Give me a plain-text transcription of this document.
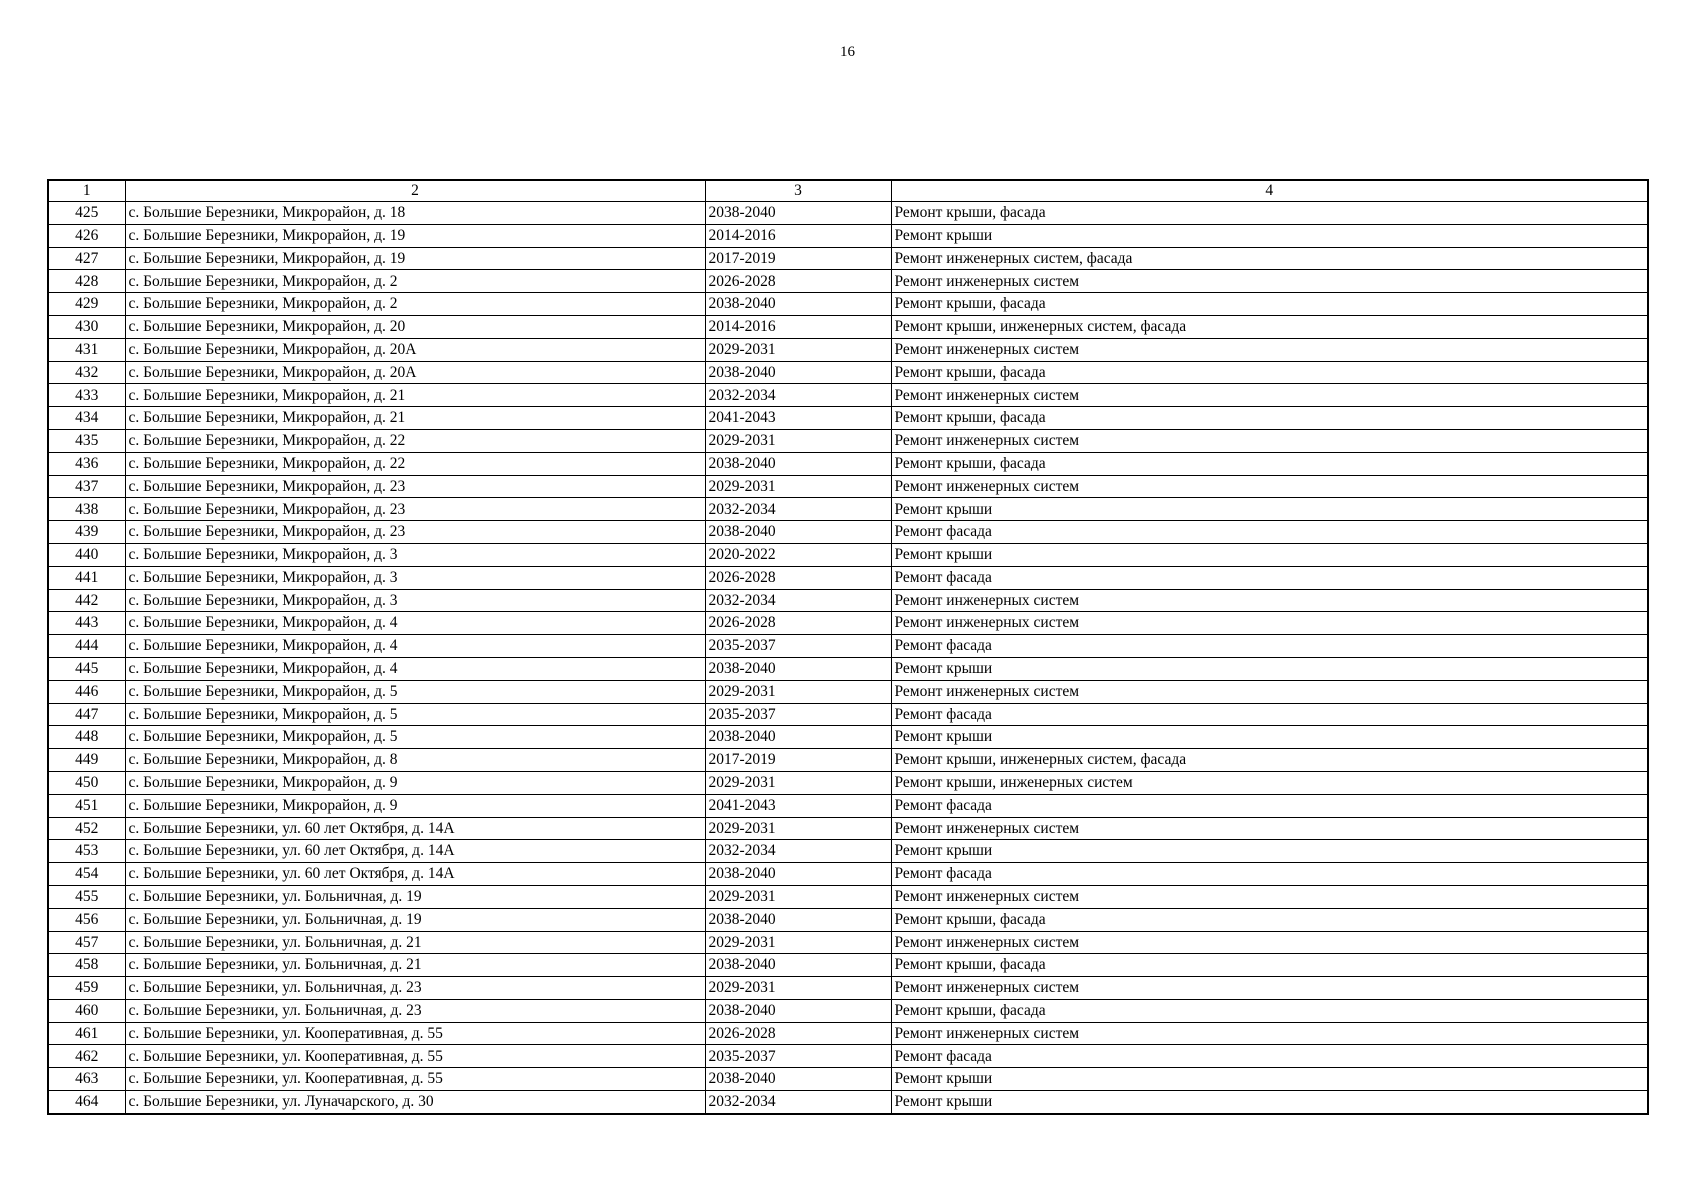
16
1	2	3	4
425	с. Большие Березники, Микрорайон, д. 18	2038-2040	Ремонт крыши, фасада
426	с. Большие Березники, Микрорайон, д. 19	2014-2016	Ремонт крыши
427	с. Большие Березники, Микрорайон, д. 19	2017-2019	Ремонт инженерных систем, фасада
428	с. Большие Березники, Микрорайон, д. 2	2026-2028	Ремонт инженерных систем
429	с. Большие Березники, Микрорайон, д. 2	2038-2040	Ремонт крыши, фасада
430	с. Большие Березники, Микрорайон, д. 20	2014-2016	Ремонт крыши, инженерных систем, фасада
431	с. Большие Березники, Микрорайон, д. 20А	2029-2031	Ремонт инженерных систем
432	с. Большие Березники, Микрорайон, д. 20А	2038-2040	Ремонт крыши, фасада
433	с. Большие Березники, Микрорайон, д. 21	2032-2034	Ремонт инженерных систем
434	с. Большие Березники, Микрорайон, д. 21	2041-2043	Ремонт крыши, фасада
435	с. Большие Березники, Микрорайон, д. 22	2029-2031	Ремонт инженерных систем
436	с. Большие Березники, Микрорайон, д. 22	2038-2040	Ремонт крыши, фасада
437	с. Большие Березники, Микрорайон, д. 23	2029-2031	Ремонт инженерных систем
438	с. Большие Березники, Микрорайон, д. 23	2032-2034	Ремонт крыши
439	с. Большие Березники, Микрорайон, д. 23	2038-2040	Ремонт фасада
440	с. Большие Березники, Микрорайон, д. 3	2020-2022	Ремонт крыши
441	с. Большие Березники, Микрорайон, д. 3	2026-2028	Ремонт фасада
442	с. Большие Березники, Микрорайон, д. 3	2032-2034	Ремонт инженерных систем
443	с. Большие Березники, Микрорайон, д. 4	2026-2028	Ремонт инженерных систем
444	с. Большие Березники, Микрорайон, д. 4	2035-2037	Ремонт фасада
445	с. Большие Березники, Микрорайон, д. 4	2038-2040	Ремонт крыши
446	с. Большие Березники, Микрорайон, д. 5	2029-2031	Ремонт инженерных систем
447	с. Большие Березники, Микрорайон, д. 5	2035-2037	Ремонт фасада
448	с. Большие Березники, Микрорайон, д. 5	2038-2040	Ремонт крыши
449	с. Большие Березники, Микрорайон, д. 8	2017-2019	Ремонт крыши, инженерных систем, фасада
450	с. Большие Березники, Микрорайон, д. 9	2029-2031	Ремонт крыши, инженерных систем
451	с. Большие Березники, Микрорайон, д. 9	2041-2043	Ремонт фасада
452	с. Большие Березники, ул. 60 лет Октября, д. 14А	2029-2031	Ремонт инженерных систем
453	с. Большие Березники, ул. 60 лет Октября, д. 14А	2032-2034	Ремонт крыши
454	с. Большие Березники, ул. 60 лет Октября, д. 14А	2038-2040	Ремонт фасада
455	с. Большие Березники, ул. Больничная, д. 19	2029-2031	Ремонт инженерных систем
456	с. Большие Березники, ул. Больничная, д. 19	2038-2040	Ремонт крыши, фасада
457	с. Большие Березники, ул. Больничная, д. 21	2029-2031	Ремонт инженерных систем
458	с. Большие Березники, ул. Больничная, д. 21	2038-2040	Ремонт крыши, фасада
459	с. Большие Березники, ул. Больничная, д. 23	2029-2031	Ремонт инженерных систем
460	с. Большие Березники, ул. Больничная, д. 23	2038-2040	Ремонт крыши, фасада
461	с. Большие Березники, ул. Кооперативная, д. 55	2026-2028	Ремонт инженерных систем
462	с. Большие Березники, ул. Кооперативная, д. 55	2035-2037	Ремонт фасада
463	с. Большие Березники, ул. Кооперативная, д. 55	2038-2040	Ремонт крыши
464	с. Большие Березники, ул. Луначарского, д. 30	2032-2034	Ремонт крыши
